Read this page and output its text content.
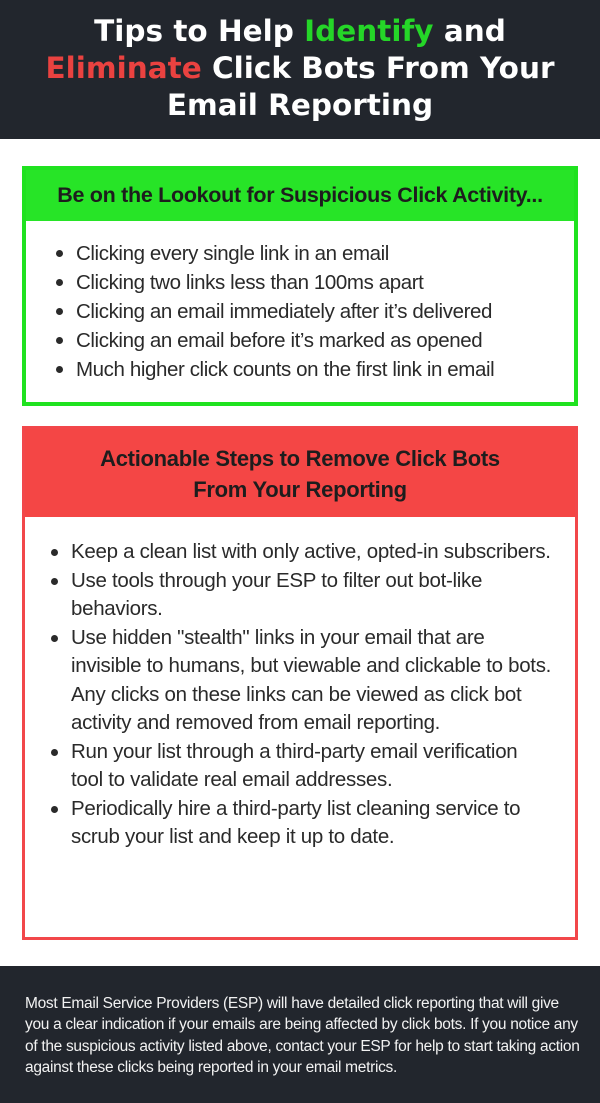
Tips to Help Identify and
Eliminate Click Bots From Your
Email Reporting
Be on the Lookout for Suspicious Click Activity...
Clicking every single link in an email
Clicking two links less than 100ms apart
Clicking an email immediately after it’s delivered
Clicking an email before it’s marked as opened
Much higher click counts on the first link in email
Actionable Steps to Remove Click Bots
From Your Reporting
Keep a clean list with only active, opted-in subscribers.
Use tools through your ESP to filter out bot-like behaviors.
Use hidden "stealth" links in your email that are invisible to humans, but viewable and clickable to bots. Any clicks on these links can be viewed as click bot activity and removed from email reporting.
Run your list through a third-party email verification tool to validate real email addresses.
Periodically hire a third-party list cleaning service to scrub your list and keep it up to date.

Most Email Service Providers (ESP) will have detailed click reporting that will give you a clear indication if your emails are being affected by click bots. If you notice any of the suspicious activity listed above, contact your ESP for help to start taking action against these clicks being reported in your email metrics.
